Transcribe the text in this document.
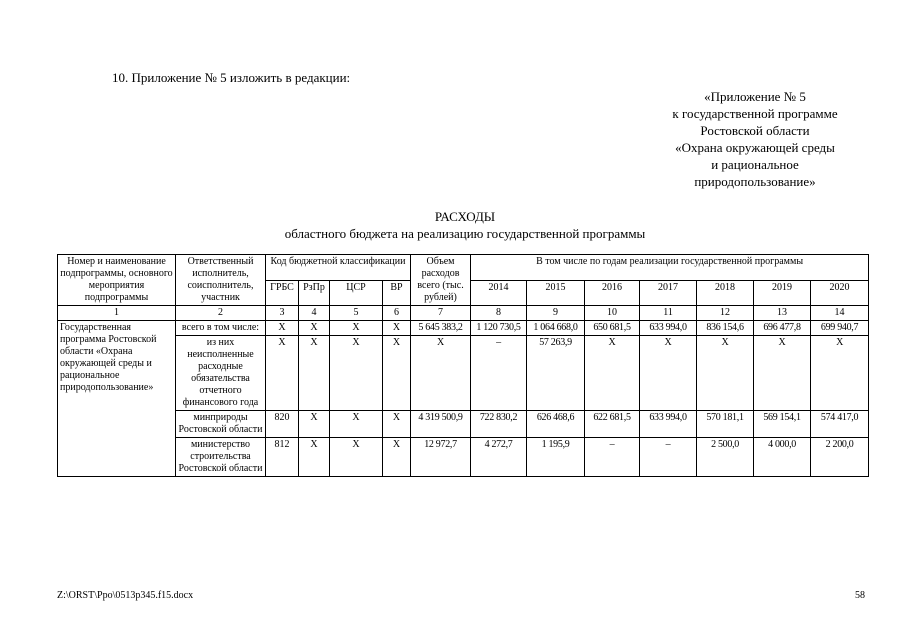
10. Приложение № 5 изложить в редакции:
«Приложение № 5
к государственной программе
Ростовской области
«Охрана окружающей среды
и рациональное
природопользование»
РАСХОДЫ
областного бюджета на реализацию государственной программы
Номер и наименование подпрограммы, основного мероприятия подпрограммы	Ответственный исполнитель, соисполнитель, участник	Код бюджетной классификации				Объем расходов всего (тыс. рублей)	В том числе по годам реализации государственной программы						
		ГРБС	РзПр	ЦСР	ВР		2014	2015	2016	2017	2018	2019	2020
1	2	3	4	5	6	7	8	9	10	11	12	13	14
Государственная программа Ростовской области «Охрана окружающей среды и рациональное природопользование»	всего в том числе:	Х	Х	Х	Х	5 645 383,2	1 120 730,5	1 064 668,0	650 681,5	633 994,0	836 154,6	696 477,8	699 940,7
	из них неисполненные расходные обязательства отчетного финансового года	Х	Х	Х	Х	Х	–	57 263,9	Х	Х	Х	Х	Х
	минприроды Ростовской области	820	Х	Х	Х	4 319 500,9	722 830,2	626 468,6	622 681,5	633 994,0	570 181,1	569 154,1	574 417,0
	министерство строительства Ростовской области	812	Х	Х	Х	12 972,7	4 272,7	1 195,9	–	–	2 500,0	4 000,0	2 200,0
Z:\ORST\Ppo\0513p345.f15.docx	58
